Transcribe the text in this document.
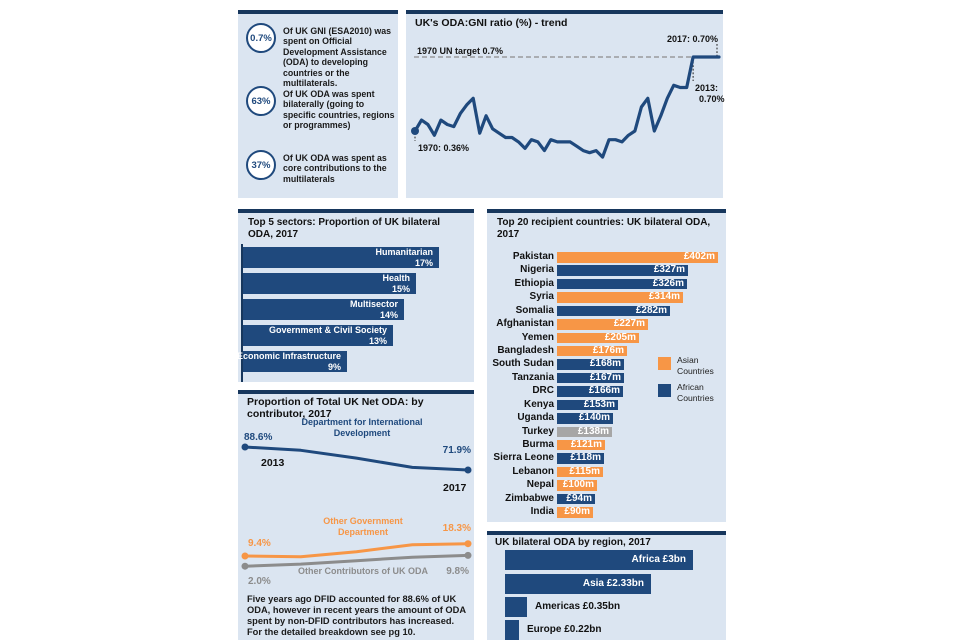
0.7%

Of UK GNI (ESA2010) was spent on Official Development Assistance (ODA) to developing countries or the multilaterals.

63%

Of UK ODA was spent bilaterally (going to specific countries, regions or programmes)

37%

Of UK ODA was spent as core contributions to the multilaterals

UK's ODA:GNI ratio (%) - trend
1970 UN target 0.7%
2017: 0.70%
2013:
0.70%
1970: 0.36%
Top 5 sectors: Proportion of UK bilateral ODA, 2017
Humanitarian
17%
Health
15%
Multisector
14%
Government & Civil Society
13%
Economic Infrastructure
9%
Top 20 recipient countries: UK bilateral ODA, 2017
Pakistan	£402m
Nigeria	£327m
Ethiopia	£326m
Syria	£314m
Somalia	£282m
Afghanistan	£227m
Yemen	£205m
Bangladesh	£176m
South Sudan	£168m
Tanzania	£167m
DRC	£166m
Kenya	£153m
Uganda	£140m
Turkey	£138m
Burma	£121m
Sierra Leone	£118m
Lebanon	£115m
Nepal £100m
Zimbabwe	£94m
India	£90m
Asian Countries
African Countries
Proportion of Total UK Net ODA: by contributor, 2017
Department for International Development
88.6%
71.9%
Other Government Department
9.4%
18.3%
Other Contributors of UK ODA
2.0%
9.8%
2013
2017

Five years ago DFID accounted for 88.6% of UK ODA, however in recent years the amount of ODA spent by non-DFID contributors has increased. For the detailed breakdown see pg 10.

UK bilateral ODA by region, 2017
Africa £3bn
Asia £2.33bn
Americas £0.35bn
Europe £0.22bn
